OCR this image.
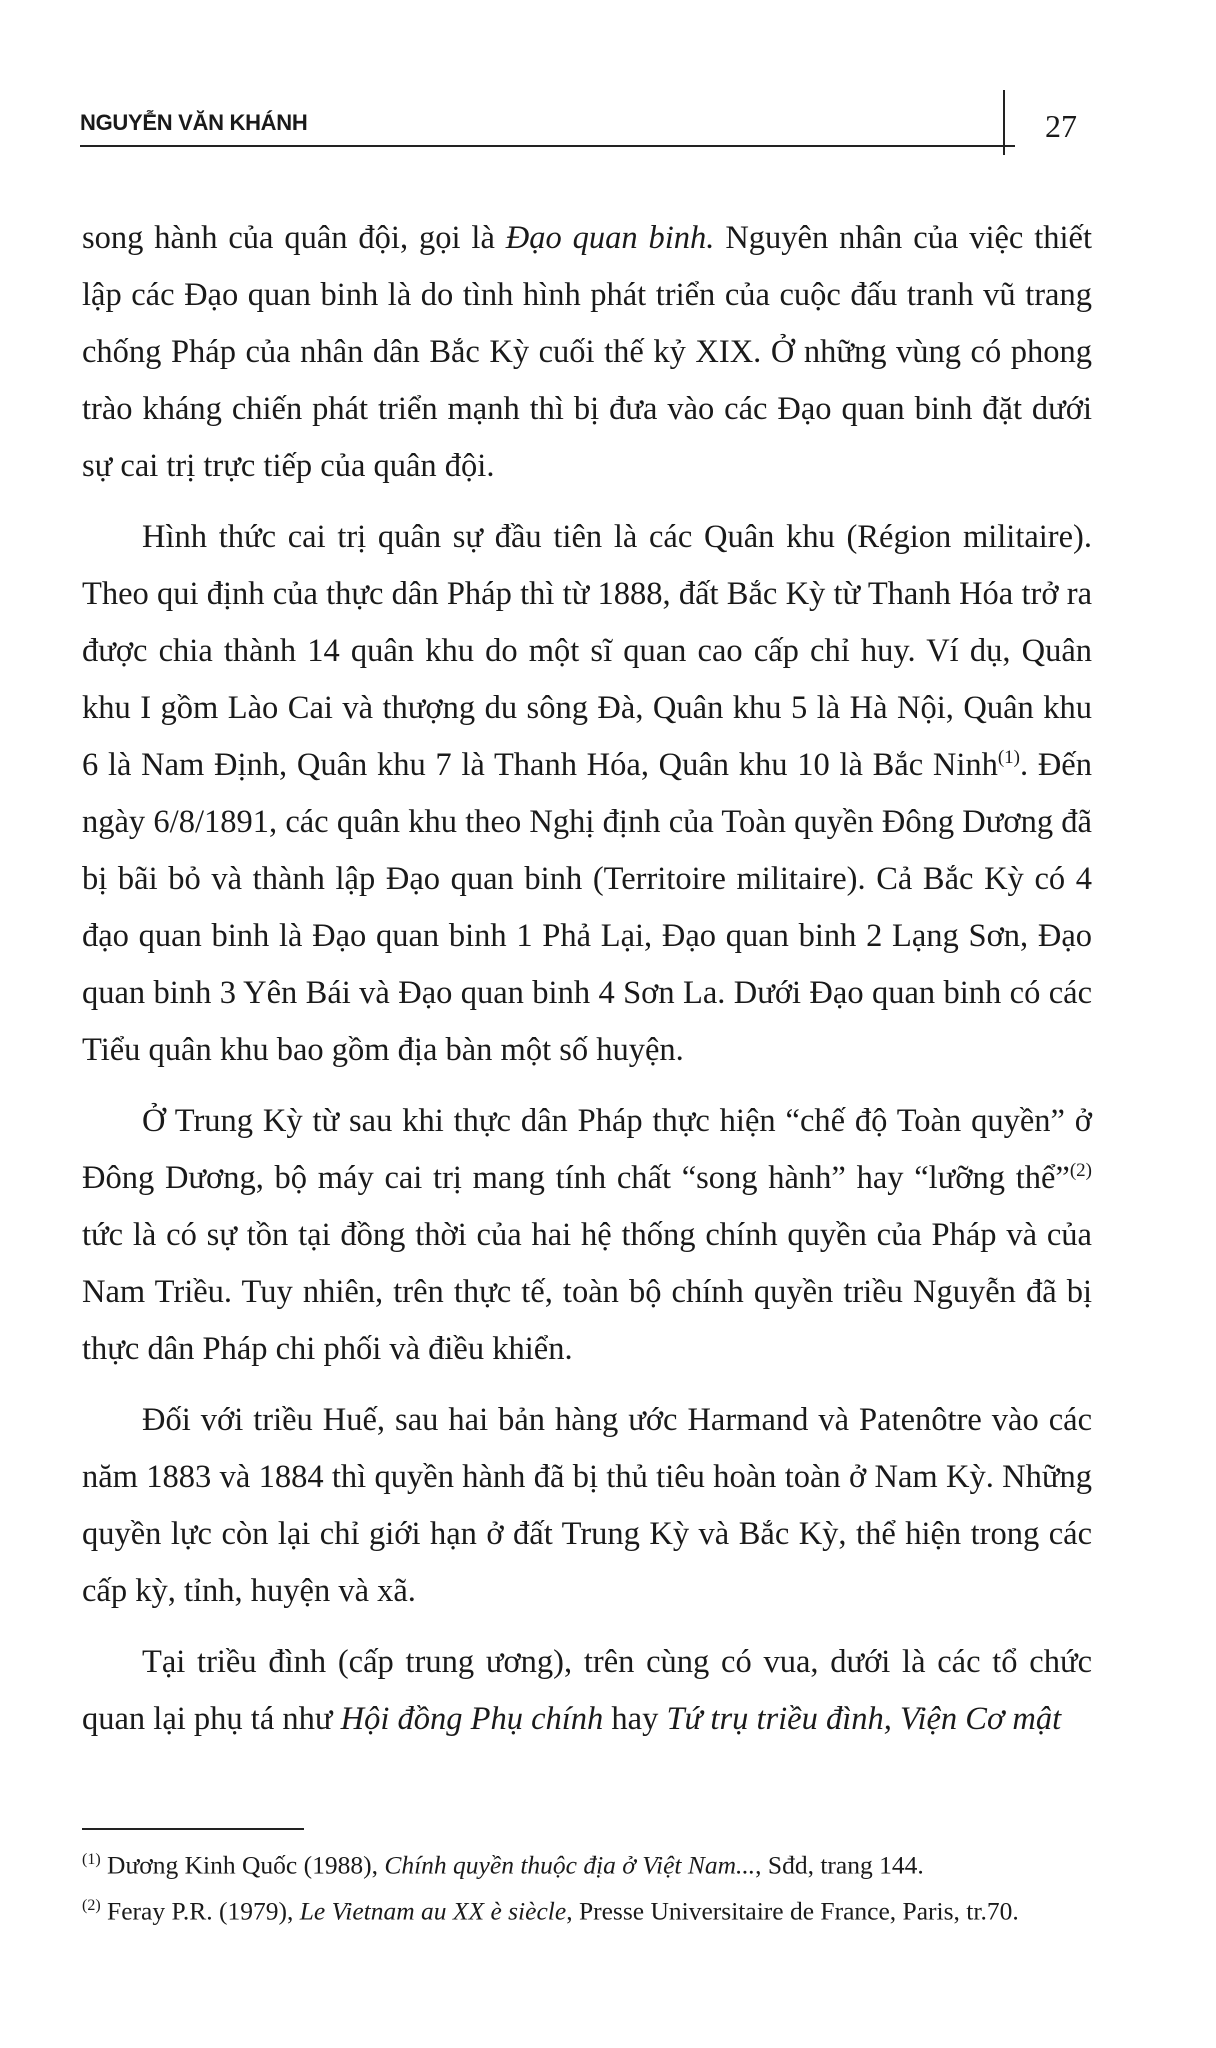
NGUYỄN VĂN KHÁNH	27

song hành của quân đội, gọi là Đạo quan binh. Nguyên nhân của việc thiết lập các Đạo quan binh là do tình hình phát triển của cuộc đấu tranh vũ trang chống Pháp của nhân dân Bắc Kỳ cuối thế kỷ XIX. Ở những vùng có phong trào kháng chiến phát triển mạnh thì bị đưa vào các Đạo quan binh đặt dưới sự cai trị trực tiếp của quân đội.

Hình thức cai trị quân sự đầu tiên là các Quân khu (Région militaire). Theo qui định của thực dân Pháp thì từ 1888, đất Bắc Kỳ từ Thanh Hóa trở ra được chia thành 14 quân khu do một sĩ quan cao cấp chỉ huy. Ví dụ, Quân khu I gồm Lào Cai và thượng du sông Đà, Quân khu 5 là Hà Nội, Quân khu 6 là Nam Định, Quân khu 7 là Thanh Hóa, Quân khu 10 là Bắc Ninh$^{(1)}$. Đến ngày 6/8/1891, các quân khu theo Nghị định của Toàn quyền Đông Dương đã bị bãi bỏ và thành lập Đạo quan binh (Territoire militaire). Cả Bắc Kỳ có 4 đạo quan binh là Đạo quan binh 1 Phả Lại, Đạo quan binh 2 Lạng Sơn, Đạo quan binh 3 Yên Bái và Đạo quan binh 4 Sơn La. Dưới Đạo quan binh có các Tiểu quân khu bao gồm địa bàn một số huyện.

Ở Trung Kỳ từ sau khi thực dân Pháp thực hiện “chế độ Toàn quyền” ở Đông Dương, bộ máy cai trị mang tính chất “song hành” hay “lưỡng thể”$^{(2)}$ tức là có sự tồn tại đồng thời của hai hệ thống chính quyền của Pháp và của Nam Triều. Tuy nhiên, trên thực tế, toàn bộ chính quyền triều Nguyễn đã bị thực dân Pháp chi phối và điều khiển.

Đối với triều Huế, sau hai bản hàng ước Harmand và Patenôtre vào các năm 1883 và 1884 thì quyền hành đã bị thủ tiêu hoàn toàn ở Nam Kỳ. Những quyền lực còn lại chỉ giới hạn ở đất Trung Kỳ và Bắc Kỳ, thể hiện trong các cấp kỳ, tỉnh, huyện và xã.

Tại triều đình (cấp trung ương), trên cùng có vua, dưới là các tổ chức quan lại phụ tá như Hội đồng Phụ chính hay Tứ trụ triều đình, Viện Cơ mật

$^{(1)}$ Dương Kinh Quốc (1988), Chính quyền thuộc địa ở Việt Nam..., Sđd, trang 144.
$^{(2)}$ Feray P.R. (1979), Le Vietnam au XX è siècle, Presse Universitaire de France, Paris, tr.70.
